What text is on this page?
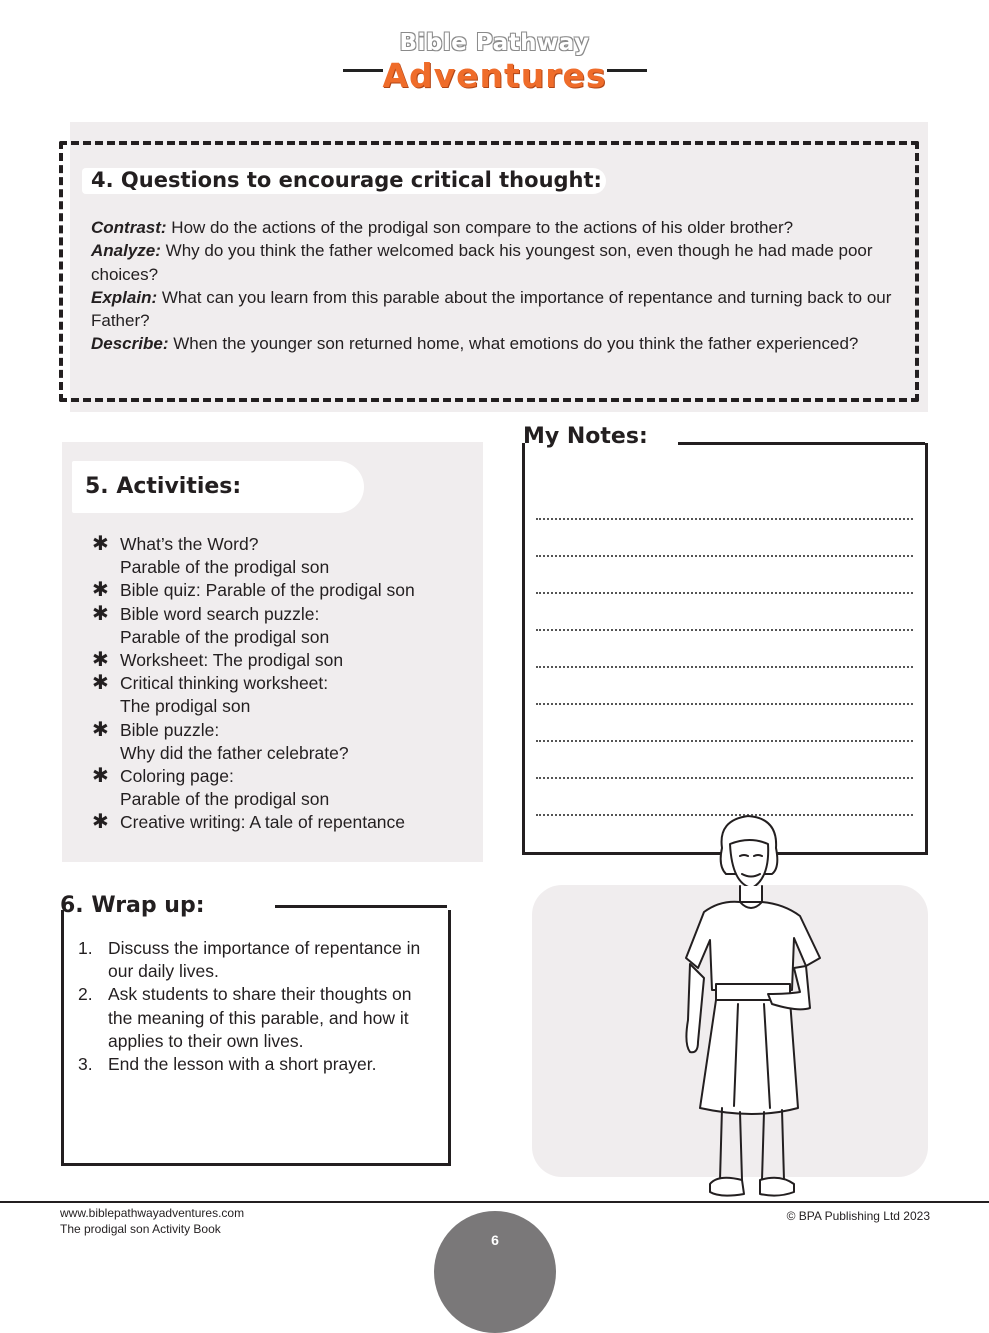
Bible Pathway
Adventures
4. Questions to encourage critical thought:

Contrast: How do the actions of the prodigal son compare to the actions of his older brother?

Analyze: Why do you think the father welcomed back his youngest son, even though he had made poor choices?

Explain: What can you learn from this parable about the importance of repentance and turning back to our Father?

Describe: When the younger son returned home, what emotions do you think the father experienced?

5. Activities:
✱ What’s the Word?
Parable of the prodigal son
✱ Bible quiz: Parable of the prodigal son
✱ Bible word search puzzle:
Parable of the prodigal son
✱ Worksheet: The prodigal son
✱ Critical thinking worksheet:
The prodigal son
✱ Bible puzzle:
Why did the father celebrate?
✱ Coloring page:
Parable of the prodigal son
✱ Creative writing: A tale of repentance
My Notes:
6. Wrap up:
1. Discuss the importance of repentance in our daily lives.
2. Ask students to share their thoughts on the meaning of this parable, and how it applies to their own lives.
3. End the lesson with a short prayer.
www.biblepathwayadventures.com
The prodigal son Activity Book
© BPA Publishing Ltd 2023
6
